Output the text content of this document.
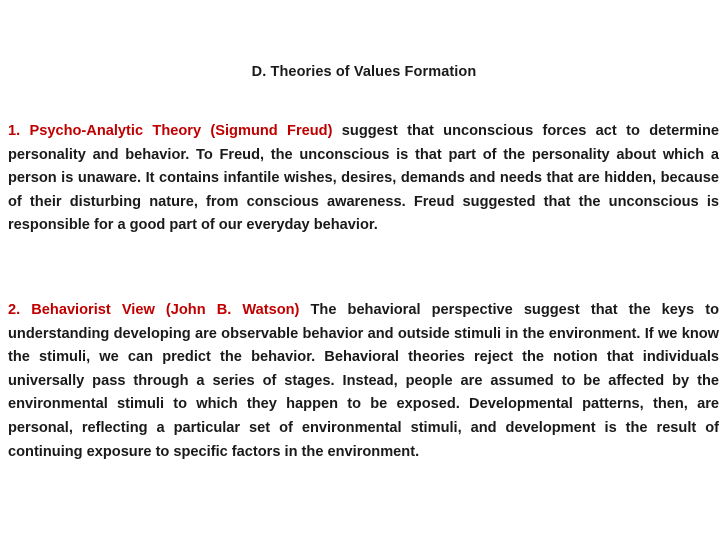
D. Theories of Values Formation

1. Psycho-Analytic Theory (Sigmund Freud) suggest that unconscious forces act to determine personality and behavior. To Freud, the unconscious is that part of the personality about which a person is unaware. It contains infantile wishes, desires, demands and needs that are hidden, because of their disturbing nature, from conscious awareness. Freud suggested that the unconscious is responsible for a good part of our everyday behavior.

2. Behaviorist View (John B. Watson) The behavioral perspective suggest that the keys to understanding developing are observable behavior and outside stimuli in the environment. If we know the stimuli, we can predict the behavior. Behavioral theories reject the notion that individuals universally pass through a series of stages. Instead, people are assumed to be affected by the environmental stimuli to which they happen to be exposed. Developmental patterns, then, are personal, reflecting a particular set of environmental stimuli, and development is the result of continuing exposure to specific factors in the environment.
